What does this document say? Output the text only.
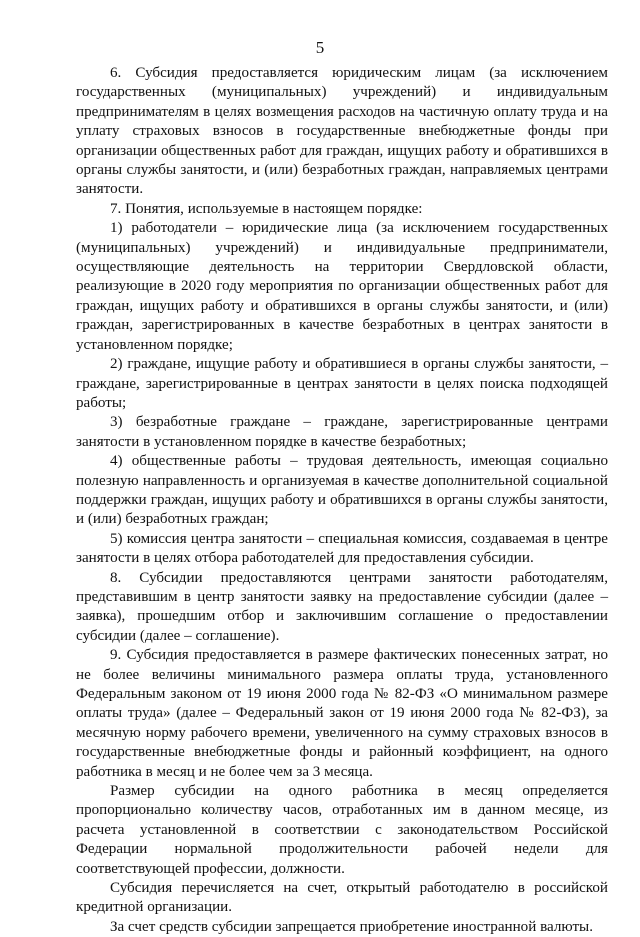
5

6. Субсидия предоставляется юридическим лицам (за исключением государственных (муниципальных) учреждений) и индивидуальным предпринимателям в целях возмещения расходов на частичную оплату труда и на уплату страховых взносов в государственные внебюджетные фонды при организации общественных работ для граждан, ищущих работу и обратившихся в органы службы занятости, и (или) безработных граждан, направляемых центрами занятости.

7. Понятия, используемые в настоящем порядке:

1) работодатели – юридические лица (за исключением государственных (муниципальных) учреждений) и индивидуальные предприниматели, осуществляющие деятельность на территории Свердловской области, реализующие в 2020 году мероприятия по организации общественных работ для граждан, ищущих работу и обратившихся в органы службы занятости, и (или) граждан, зарегистрированных в качестве безработных в центрах занятости в установленном порядке;

2) граждане, ищущие работу и обратившиеся в органы службы занятости, – граждане, зарегистрированные в центрах занятости в целях поиска подходящей работы;

3) безработные граждане – граждане, зарегистрированные центрами занятости в установленном порядке в качестве безработных;

4) общественные работы – трудовая деятельность, имеющая социально полезную направленность и организуемая в качестве дополнительной социальной поддержки граждан, ищущих работу и обратившихся в органы службы занятости, и (или) безработных граждан;

5) комиссия центра занятости – специальная комиссия, создаваемая в центре занятости в целях отбора работодателей для предоставления субсидии.

8. Субсидии предоставляются центрами занятости работодателям, представившим в центр занятости заявку на предоставление субсидии (далее – заявка), прошедшим отбор и заключившим соглашение о предоставлении субсидии (далее – соглашение).

9. Субсидия предоставляется в размере фактических понесенных затрат, но не более величины минимального размера оплаты труда, установленного Федеральным законом от 19 июня 2000 года № 82-ФЗ «О минимальном размере оплаты труда» (далее – Федеральный закон от 19 июня 2000 года № 82-ФЗ), за месячную норму рабочего времени, увеличенного на сумму страховых взносов в государственные внебюджетные фонды и районный коэффициент, на одного работника в месяц и не более чем за 3 месяца.

Размер субсидии на одного работника в месяц определяется пропорционально количеству часов, отработанных им в данном месяце, из расчета установленной в соответствии с законодательством Российской Федерации нормальной продолжительности рабочей недели для соответствующей профессии, должности.

Субсидия перечисляется на счет, открытый работодателю в российской кредитной организации.

За счет средств субсидии запрещается приобретение иностранной валюты.
